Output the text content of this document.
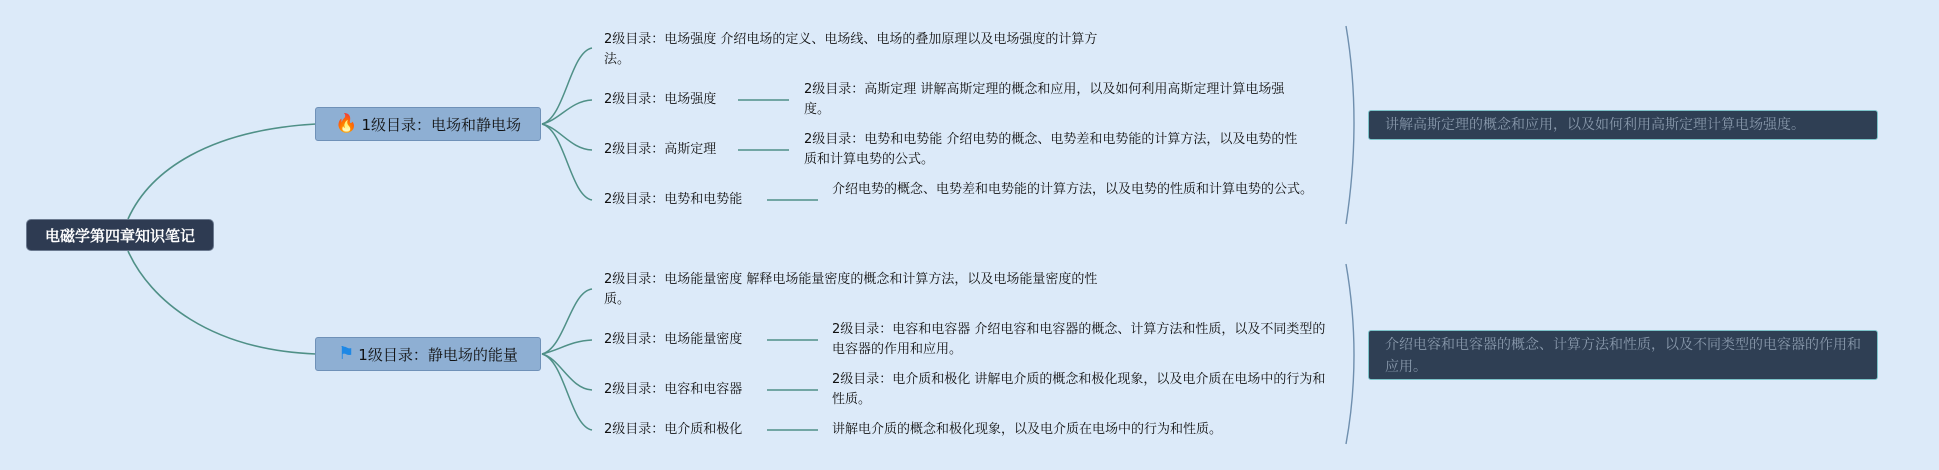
电磁学第四章知识笔记
🔥 1级目录：电场和静电场
2级目录：电场强度 介绍电场的定义、电场线、电场的叠加原理以及电场强度的计算方法。
2级目录：电场强度
2级目录：高斯定理 讲解高斯定理的概念和应用，以及如何利用高斯定理计算电场强度。
2级目录：高斯定理
2级目录：电势和电势能 介绍电势的概念、电势差和电势能的计算方法，以及电势的性质和计算电势的公式。
2级目录：电势和电势能
介绍电势的概念、电势差和电势能的计算方法，以及电势的性质和计算电势的公式。
讲解高斯定理的概念和应用，以及如何利用高斯定理计算电场强度。
⚑ 1级目录：静电场的能量
2级目录：电场能量密度 解释电场能量密度的概念和计算方法，以及电场能量密度的性质。
2级目录：电场能量密度
2级目录：电容和电容器 介绍电容和电容器的概念、计算方法和性质，以及不同类型的电容器的作用和应用。
2级目录：电容和电容器
2级目录：电介质和极化 讲解电介质的概念和极化现象，以及电介质在电场中的行为和性质。
2级目录：电介质和极化	讲解电介质的概念和极化现象，以及电介质在电场中的行为和性质。
介绍电容和电容器的概念、计算方法和性质，以及不同类型的电容器的作用和应用。
